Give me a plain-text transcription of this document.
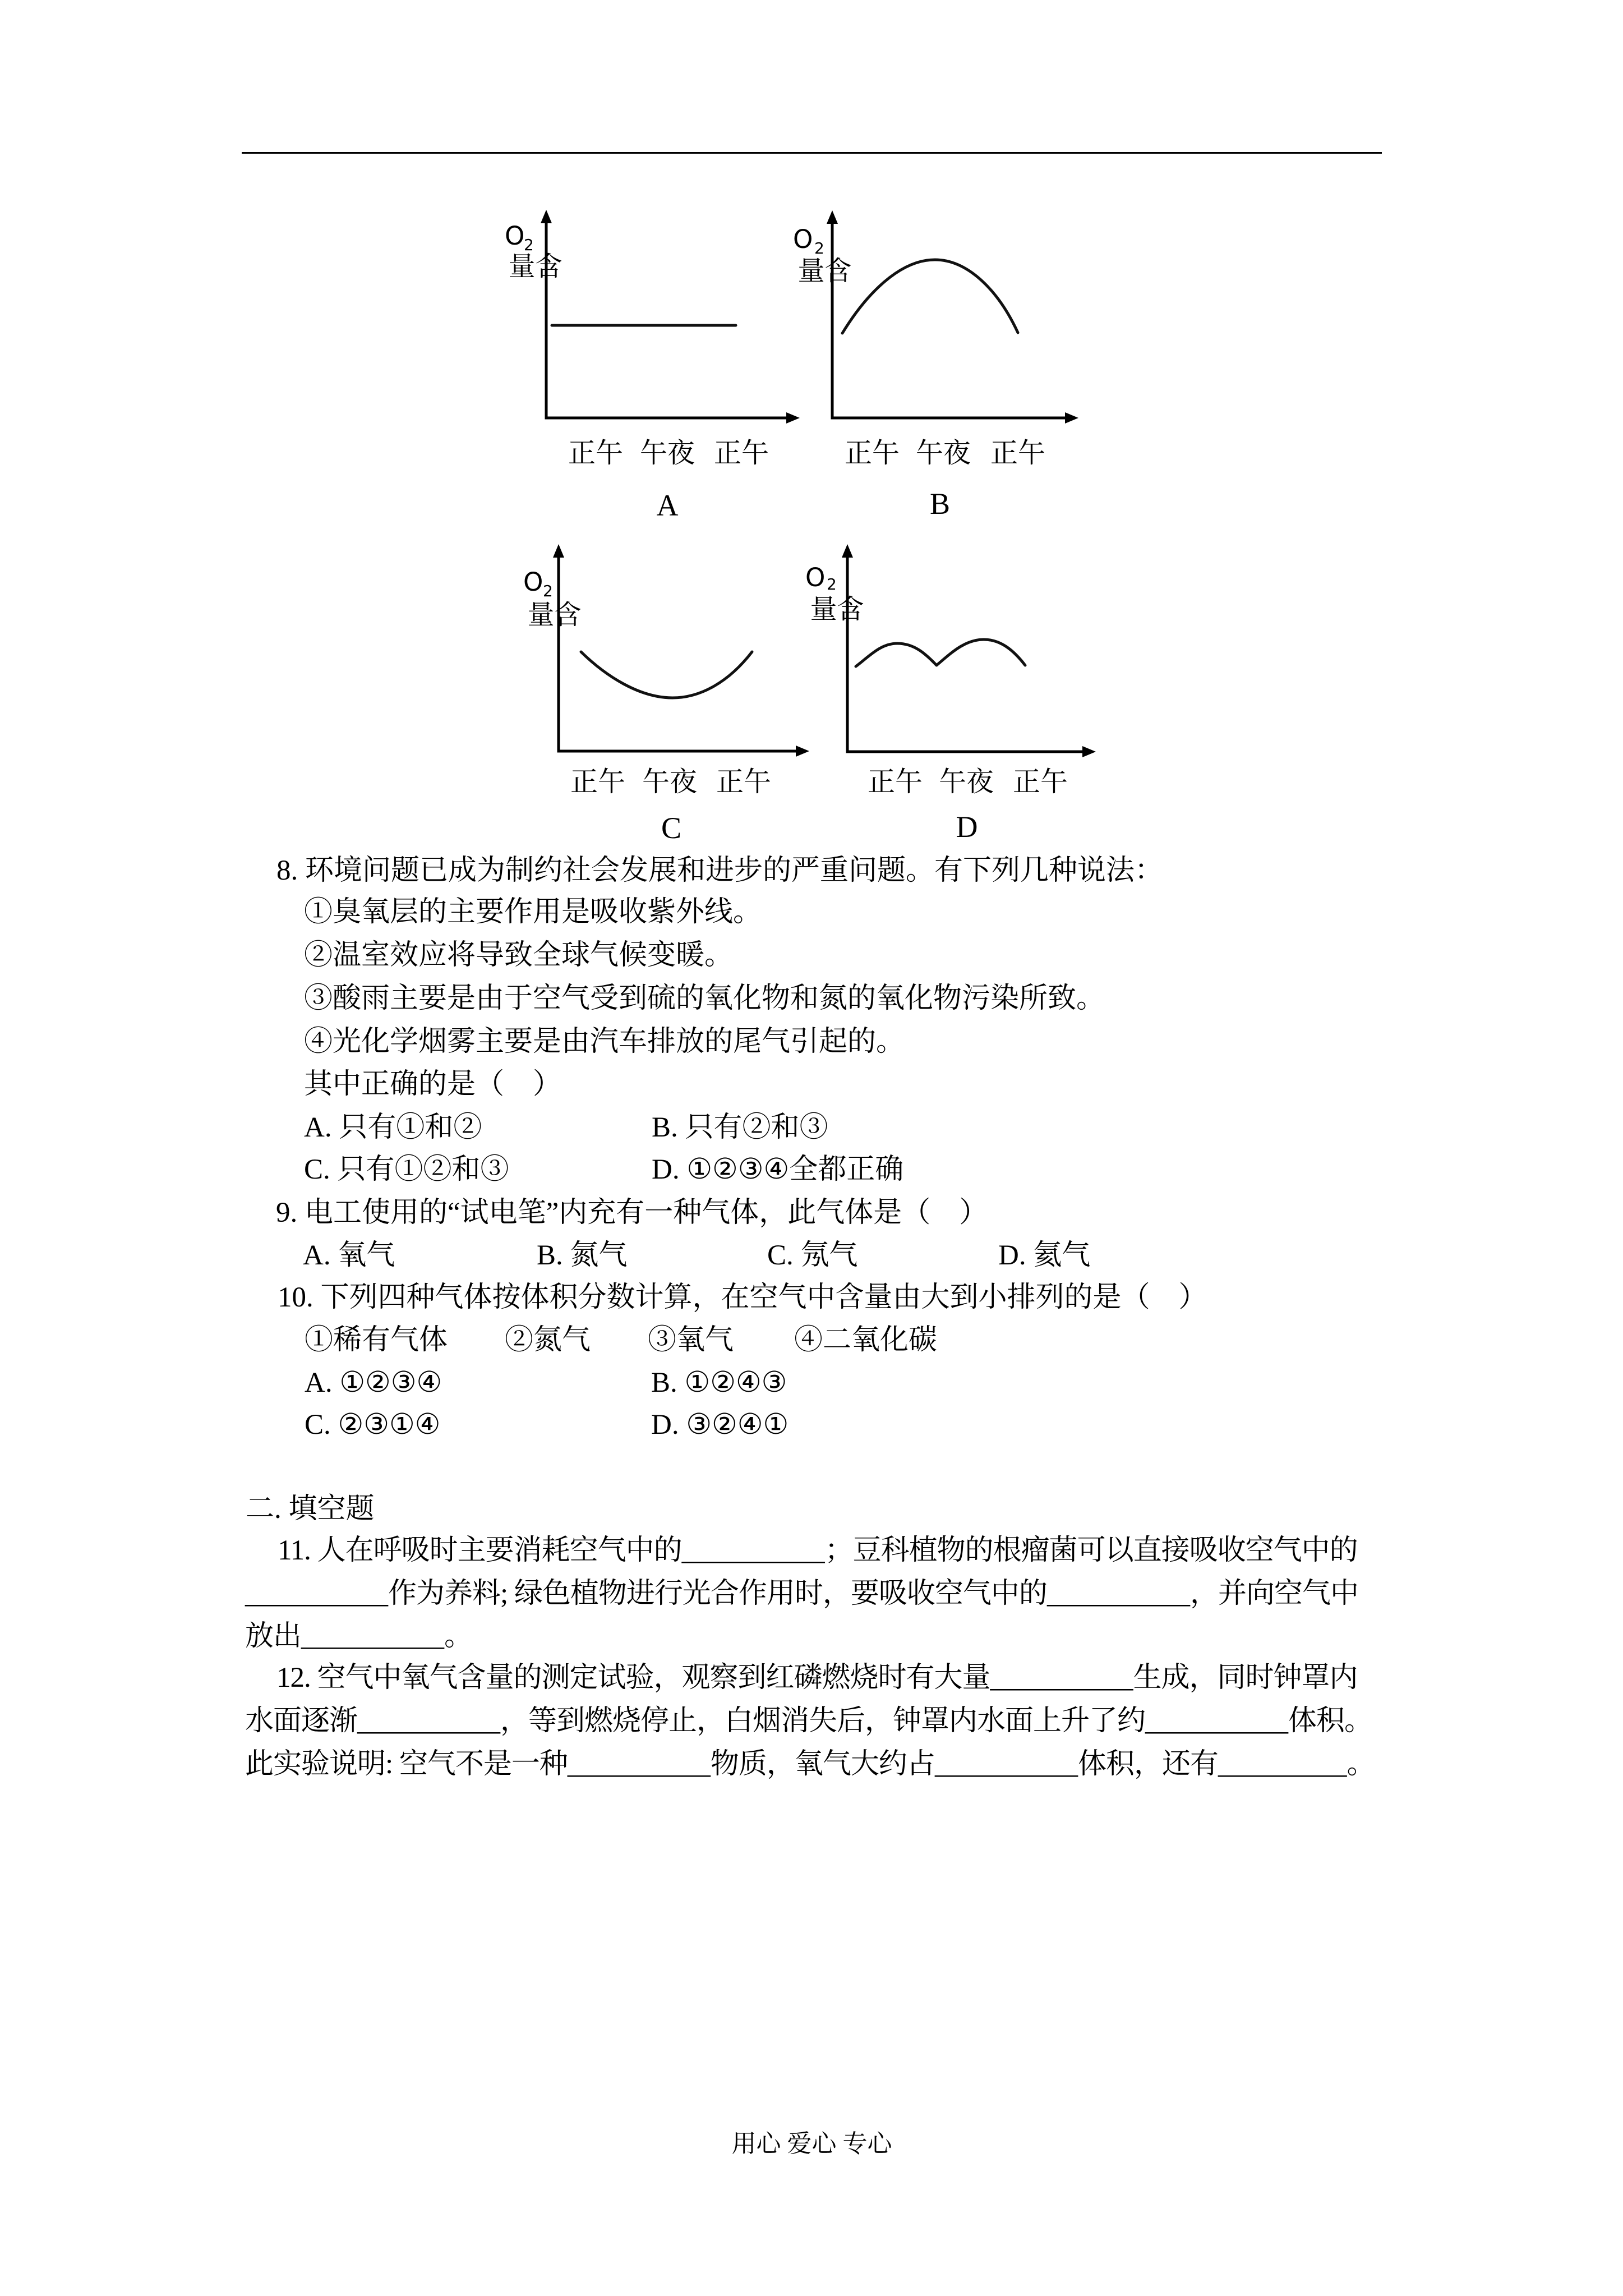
O
2
含量
正午 午夜 正午
A
O 2
含量
正午 午夜 正午
B
O 2
含量
正午 午夜 正午
C
O 2
含量
正午 午夜 正午
D
8. 环境问题已成为制约社会发展和进步的严重问题。有下列几种说法：
①臭氧层的主要作用是吸收紫外线。
②温室效应将导致全球气候变暖。
③酸雨主要是由于空气受到硫的氧化物和氮的氧化物污染所致。
④光化学烟雾主要是由汽车排放的尾气引起的。
其中正确的是（    ）
A. 只有①和②	B. 只有②和③
C. 只有①②和③	D. ①②③④全都正确
9. 电工使用的“试电笔”内充有一种气体，此气体是（    ）
A. 氧气	B. 氮气	C. 氖气	D. 氦气
10. 下列四种气体按体积分数计算，在空气中含量由大到小排列的是（    ）
①稀有气体 ②氮气 ③氧气 ④二氧化碳
A. ①②③④	B. ①②④③
C. ②③①④	D. ③②④①
二. 填空题
11. 人在呼吸时主要消耗空气中的__________；豆科植物的根瘤菌可以直接吸收空气中的
__________作为养料; 绿色植物进行光合作用时，要吸收空气中的__________，并向空气中
放出__________。
12. 空气中氧气含量的测定试验，观察到红磷燃烧时有大量__________生成，同时钟罩内
水面逐渐__________，等到燃烧停止，白烟消失后，钟罩内水面上升了约__________体积。
此实验说明: 空气不是一种__________物质，氧气大约占__________体积，还有_________。
用心 爱心 专心
